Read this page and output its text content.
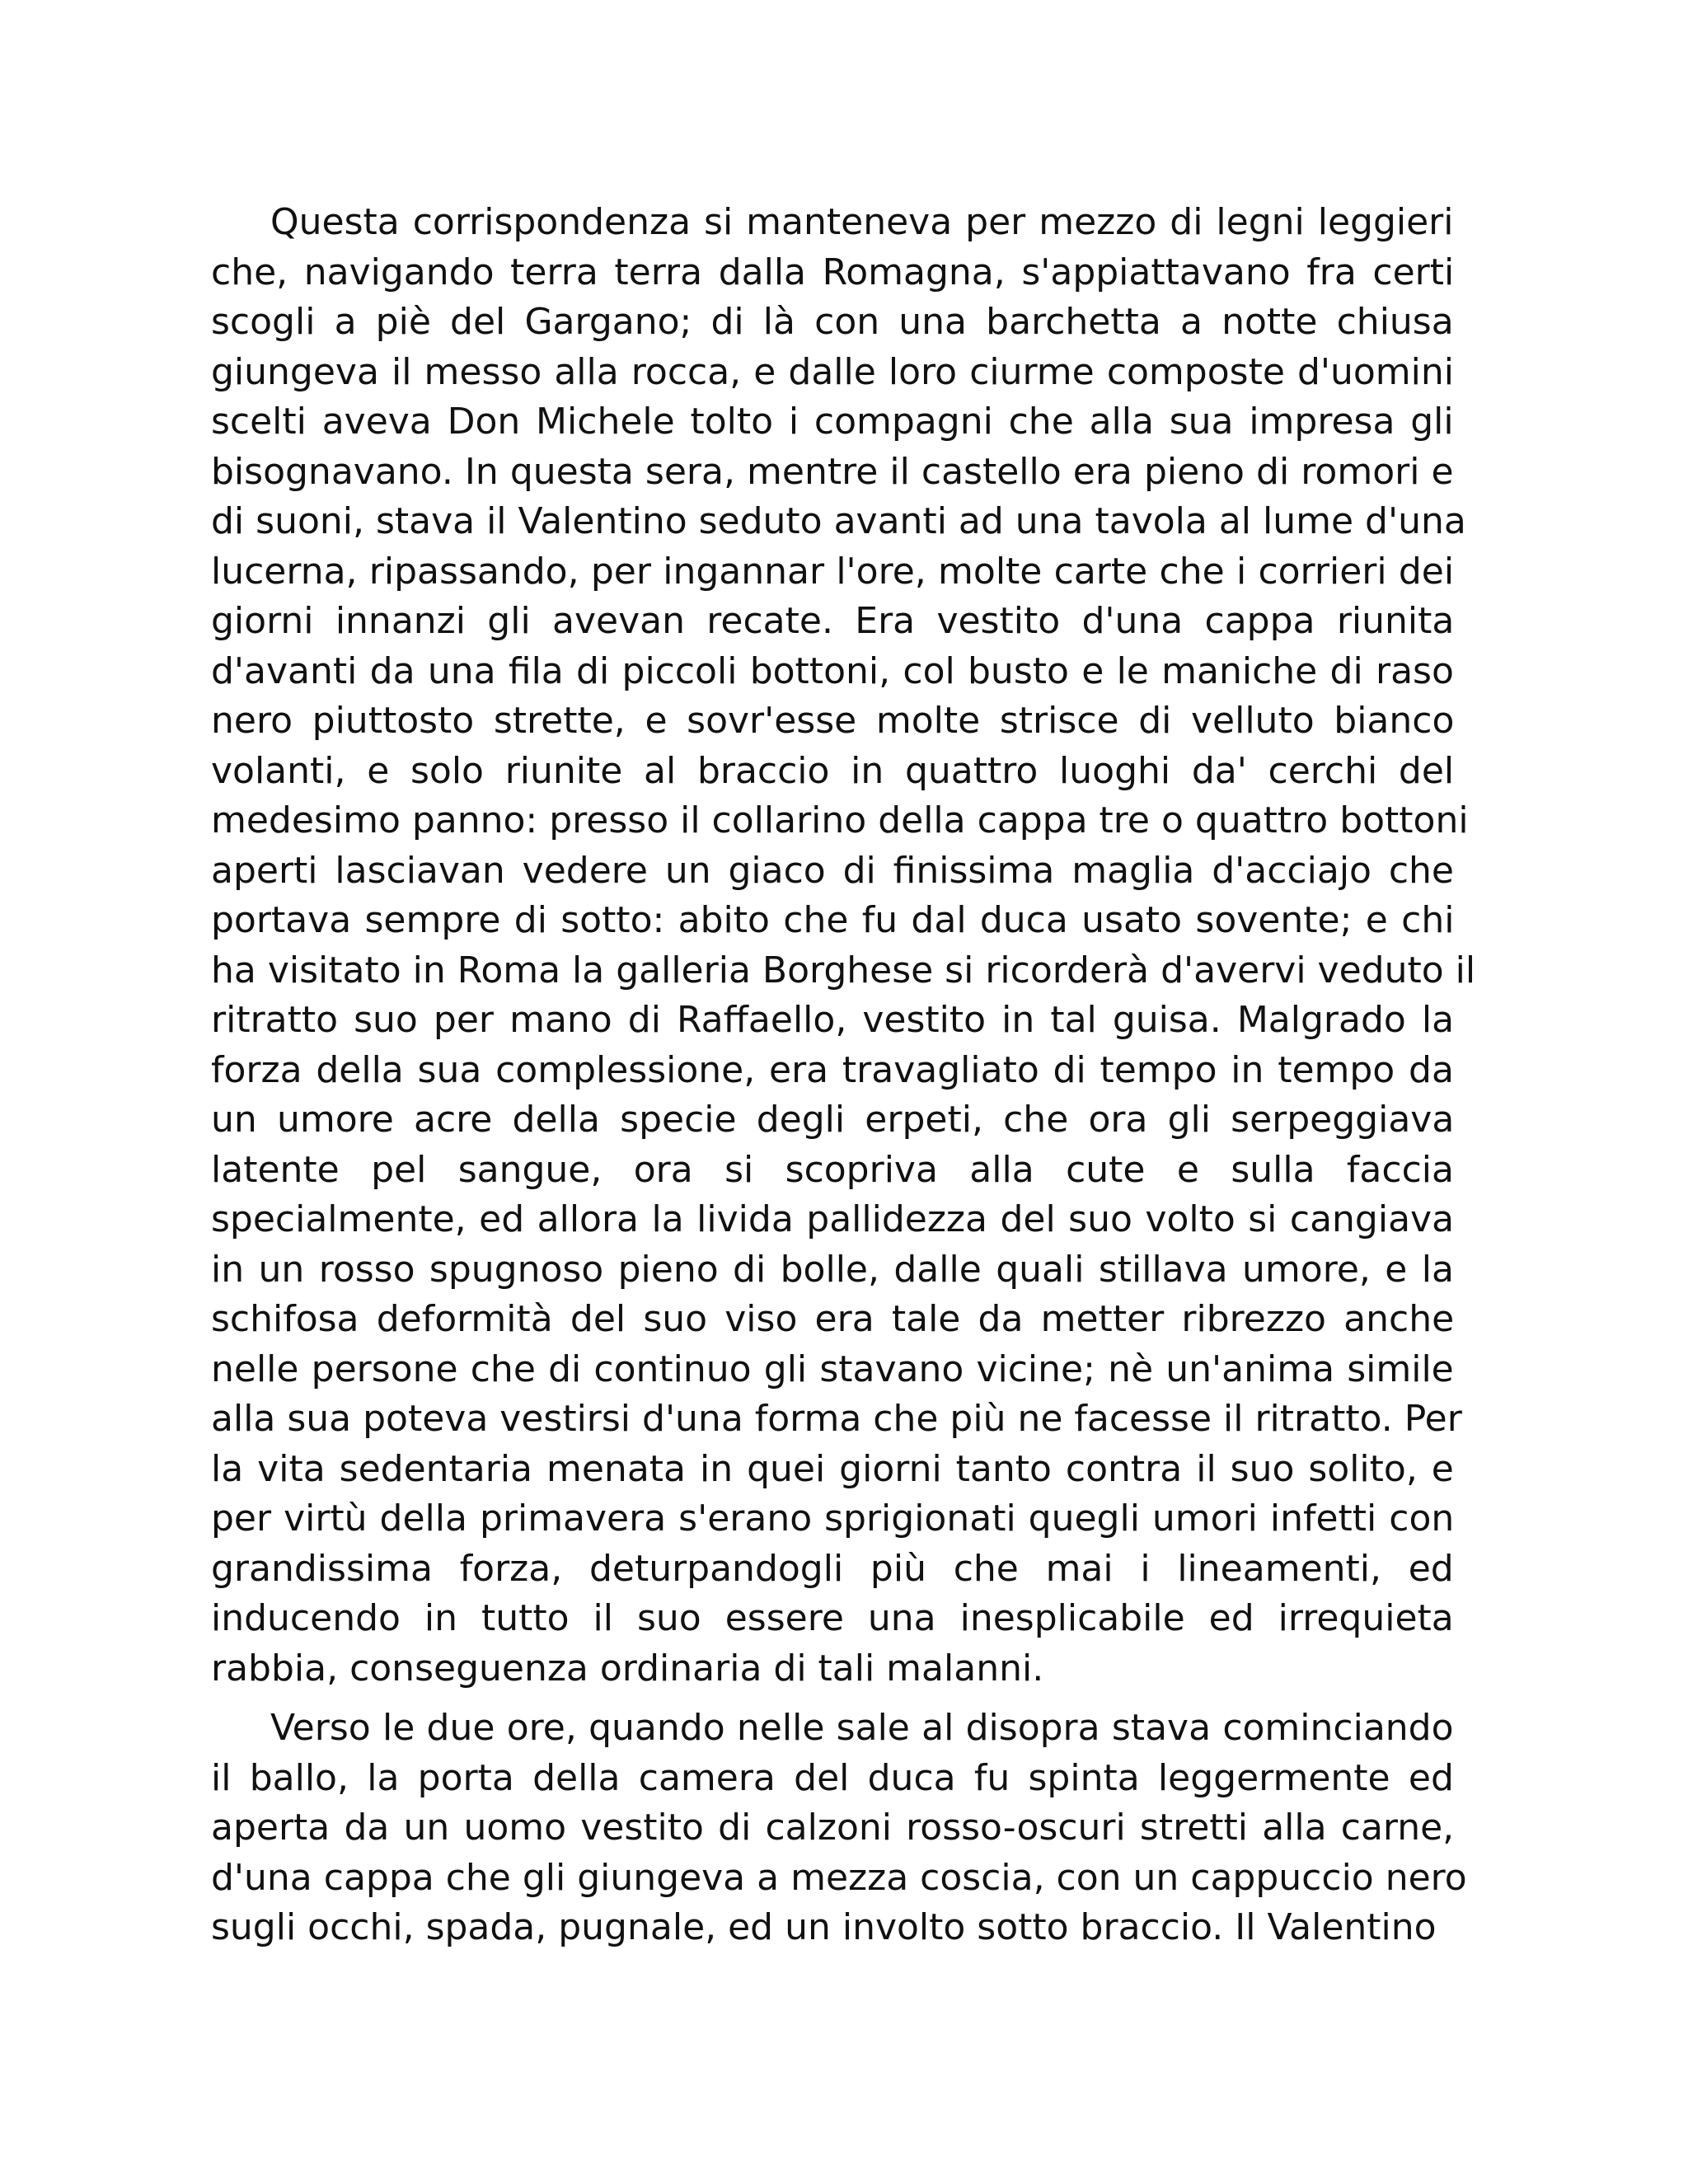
Questa corrispondenza si manteneva per mezzo di legni leggieri
che, navigando terra terra dalla Romagna, s'appiattavano fra certi
scogli a piè del Gargano; di là con una barchetta a notte chiusa
giungeva il messo alla rocca, e dalle loro ciurme composte d'uomini
scelti aveva Don Michele tolto i compagni che alla sua impresa gli
bisognavano. In questa sera, mentre il castello era pieno di romori e
di suoni, stava il Valentino seduto avanti ad una tavola al lume d'una
lucerna, ripassando, per ingannar l'ore, molte carte che i corrieri dei
giorni innanzi gli avevan recate. Era vestito d'una cappa riunita
d'avanti da una fila di piccoli bottoni, col busto e le maniche di raso
nero piuttosto strette, e sovr'esse molte strisce di velluto bianco
volanti, e solo riunite al braccio in quattro luoghi da' cerchi del
medesimo panno: presso il collarino della cappa tre o quattro bottoni
aperti lasciavan vedere un giaco di finissima maglia d'acciajo che
portava sempre di sotto: abito che fu dal duca usato sovente; e chi
ha visitato in Roma la galleria Borghese si ricorderà d'avervi veduto il
ritratto suo per mano di Raffaello, vestito in tal guisa. Malgrado la
forza della sua complessione, era travagliato di tempo in tempo da
un umore acre della specie degli erpeti, che ora gli serpeggiava
latente pel sangue, ora si scopriva alla cute e sulla faccia
specialmente, ed allora la livida pallidezza del suo volto si cangiava
in un rosso spugnoso pieno di bolle, dalle quali stillava umore, e la
schifosa deformità del suo viso era tale da metter ribrezzo anche
nelle persone che di continuo gli stavano vicine; nè un'anima simile
alla sua poteva vestirsi d'una forma che più ne facesse il ritratto. Per
la vita sedentaria menata in quei giorni tanto contra il suo solito, e
per virtù della primavera s'erano sprigionati quegli umori infetti con
grandissima forza, deturpandogli più che mai i lineamenti, ed
inducendo in tutto il suo essere una inesplicabile ed irrequieta
rabbia, conseguenza ordinaria di tali malanni.
Verso le due ore, quando nelle sale al disopra stava cominciando
il ballo, la porta della camera del duca fu spinta leggermente ed
aperta da un uomo vestito di calzoni rosso-oscuri stretti alla carne,
d'una cappa che gli giungeva a mezza coscia, con un cappuccio nero
sugli occhi, spada, pugnale, ed un involto sotto braccio. Il Valentino
